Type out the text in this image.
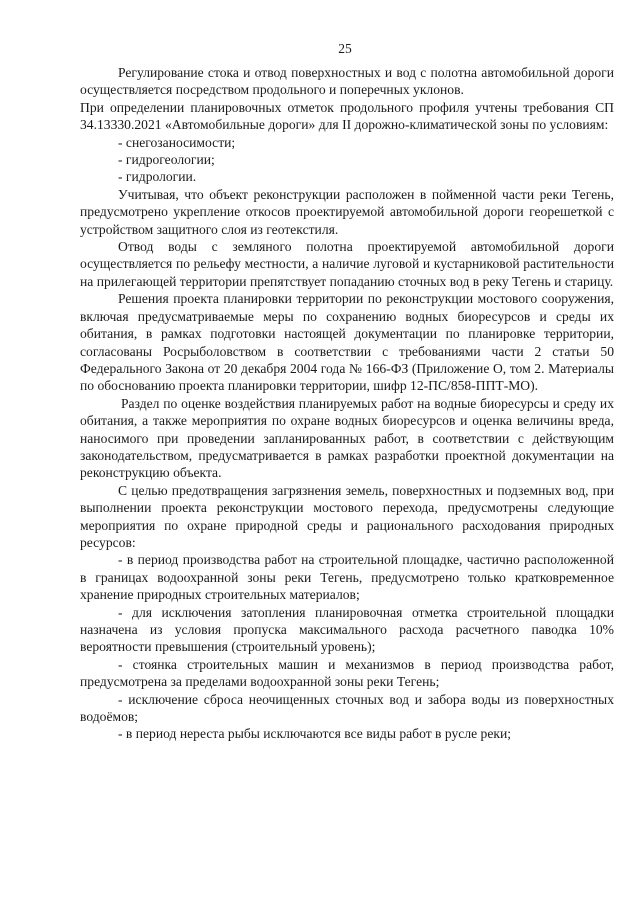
25

Регулирование стока и отвод поверхностных и вод с полотна автомобильной дороги осуществляется посредством продольного и поперечных уклонов.

При определении планировочных отметок продольного профиля учтены требования СП 34.13330.2021 «Автомобильные дороги» для II дорожно-климатической зоны по условиям:

- снегозаносимости;

- гидрогеологии;

- гидрологии.

Учитывая, что объект реконструкции расположен в пойменной части реки Тегень, предусмотрено укрепление откосов проектируемой автомобильной дороги георешеткой с устройством защитного слоя из геотекстиля.

Отвод воды с земляного полотна проектируемой автомобильной дороги осуществляется по рельефу местности, а наличие луговой и кустарниковой растительности на прилегающей территории препятствует попаданию сточных вод в реку Тегень и старицу.

Решения проекта планировки территории по реконструкции мостового сооружения, включая предусматриваемые меры по сохранению водных биоресурсов и среды их обитания, в рамках подготовки настоящей документации по планировке территории, согласованы Росрыболовством в соответствии с требованиями части 2 статьи 50 Федерального Закона от 20 декабря 2004 года № 166-ФЗ (Приложение О, том 2. Материалы по обоснованию проекта планировки территории, шифр 12-ПС/858-ППТ-МО).

Раздел по оценке воздействия планируемых работ на водные биоресурсы и среду их обитания, а также мероприятия по охране водных биоресурсов и оценка величины вреда, наносимого при проведении запланированных работ, в соответствии с действующим законодательством, предусматривается в рамках разработки проектной документации на реконструкцию объекта.

С целью предотвращения загрязнения земель, поверхностных и подземных вод, при выполнении проекта реконструкции мостового перехода, предусмотрены следующие мероприятия по охране природной среды и рационального расходования природных ресурсов:

- в период производства работ на строительной площадке, частично расположенной в границах водоохранной зоны реки Тегень, предусмотрено только кратковременное хранение природных строительных материалов;

- для исключения затопления планировочная отметка строительной площадки назначена из условия пропуска максимального расхода расчетного паводка 10% вероятности превышения (строительный уровень);

- стоянка строительных машин и механизмов в период производства работ, предусмотрена за пределами водоохранной зоны реки Тегень;

- исключение сброса неочищенных сточных вод и забора воды из поверхностных водоёмов;

- в период нереста рыбы исключаются все виды работ в русле реки;
